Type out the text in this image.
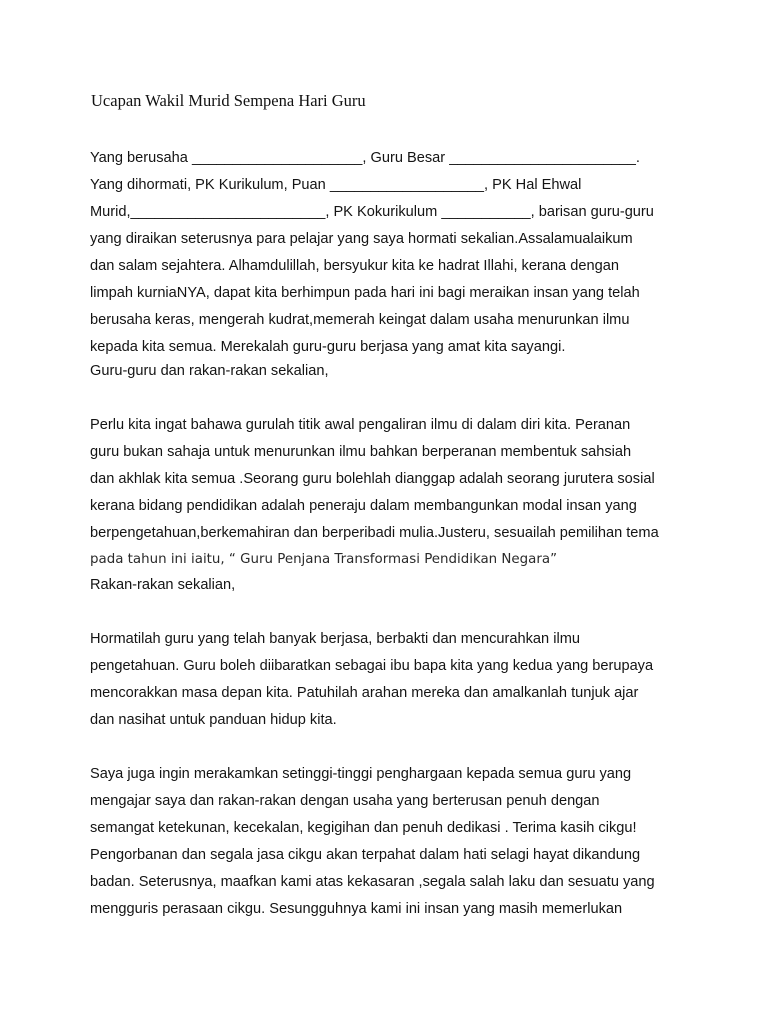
Ucapan Wakil Murid Sempena Hari Guru
Yang berusaha _____________________, Guru Besar _______________________.
Yang dihormati, PK Kurikulum, Puan ___________________, PK Hal Ehwal
Murid,________________________, PK Kokurikulum ___________, barisan guru-guru
yang diraikan seterusnya para pelajar yang saya hormati sekalian.Assalamualaikum
dan salam sejahtera. Alhamdulillah, bersyukur kita ke hadrat Illahi, kerana dengan
limpah kurniaNYA, dapat kita berhimpun pada hari ini bagi meraikan insan yang telah
berusaha keras, mengerah kudrat,memerah keingat dalam usaha menurunkan ilmu
kepada kita semua. Merekalah guru-guru berjasa yang amat kita sayangi.
Guru-guru dan rakan-rakan sekalian,
Perlu kita ingat bahawa gurulah titik awal pengaliran ilmu di dalam diri kita. Peranan
guru bukan sahaja untuk menurunkan ilmu bahkan berperanan membentuk sahsiah
dan akhlak kita semua .Seorang guru bolehlah dianggap adalah seorang jurutera sosial
kerana bidang pendidikan adalah peneraju dalam membangunkan modal insan yang
berpengetahuan,berkemahiran dan berperibadi mulia.Justeru, sesuailah pemilihan tema
pada tahun ini iaitu, “ Guru Penjana Transformasi Pendidikan Negara”
Rakan-rakan sekalian,
Hormatilah guru yang telah banyak berjasa, berbakti dan mencurahkan ilmu
pengetahuan. Guru boleh diibaratkan sebagai ibu bapa kita yang kedua yang berupaya
mencorakkan masa depan kita. Patuhilah arahan mereka dan amalkanlah tunjuk ajar
dan nasihat untuk panduan hidup kita.
Saya juga ingin merakamkan setinggi-tinggi penghargaan kepada semua guru yang
mengajar saya dan rakan-rakan dengan usaha yang berterusan penuh dengan
semangat ketekunan, kecekalan, kegigihan dan penuh dedikasi . Terima kasih cikgu!
Pengorbanan dan segala jasa cikgu akan terpahat dalam hati selagi hayat dikandung
badan. Seterusnya, maafkan kami atas kekasaran ,segala salah laku dan sesuatu yang
mengguris perasaan cikgu. Sesungguhnya kami ini insan yang masih memerlukan
